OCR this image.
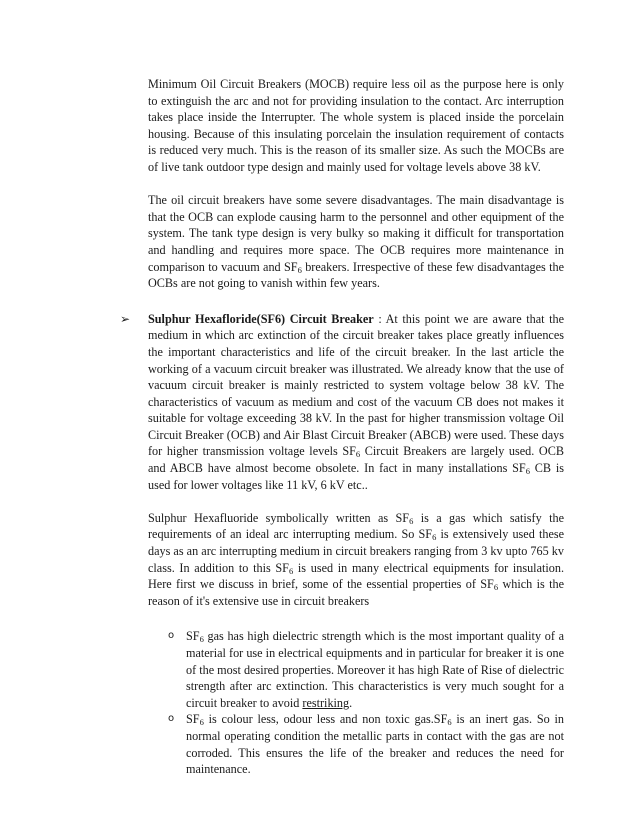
Minimum Oil Circuit Breakers (MOCB) require less oil as the purpose here is only to extinguish the arc and not for providing insulation to the contact. Arc interruption takes place inside the Interrupter. The whole system is placed inside the porcelain housing. Because of this insulating porcelain the insulation requirement of contacts is reduced very much. This is the reason of its smaller size. As such the MOCBs are of live tank outdoor type design and mainly used for voltage levels above 38 kV.

The oil circuit breakers have some severe disadvantages. The main disadvantage is that the OCB can explode causing harm to the personnel and other equipment of the system. The tank type design is very bulky so making it difficult for transportation and handling and requires more space. The OCB requires more maintenance in comparison to vacuum and $SF_6$ breakers. Irrespective of these few disadvantages the OCBs are not going to vanish within few years.

➢	Sulphur Hexafloride(SF6) Circuit Breaker : At this point we are aware that the medium in which arc extinction of the circuit breaker takes place greatly influences the important characteristics and life of the circuit breaker. In the last article the working of a vacuum circuit breaker was illustrated. We already know that the use of vacuum circuit breaker is mainly restricted to system voltage below 38 kV. The characteristics of vacuum as medium and cost of the vacuum CB does not makes it suitable for voltage exceeding 38 kV. In the past for higher transmission voltage Oil Circuit Breaker (OCB) and Air Blast Circuit Breaker (ABCB) were used. These days for higher transmission voltage levels $SF_6$ Circuit Breakers are largely used. OCB and ABCB have almost become obsolete. In fact in many installations $SF_6$ CB is used for lower voltages like 11 kV, 6 kV etc..

Sulphur Hexafluoride symbolically written as $SF_6$ is a gas which satisfy the requirements of an ideal arc interrupting medium. So $SF_6$ is extensively used these days as an arc interrupting medium in circuit breakers ranging from 3 kv upto 765 kv class. In addition to this $SF_6$ is used in many electrical equipments for insulation. Here first we discuss in brief, some of the essential properties of $SF_6$ which is the reason of it's extensive use in circuit breakers

o $SF_6$ gas has high dielectric strength which is the most important quality of a material for use in electrical equipments and in particular for breaker it is one of the most desired properties. Moreover it has high Rate of Rise of dielectric strength after arc extinction. This characteristics is very much sought for a circuit breaker to avoid restriking.

o $SF_6$ is colour less, odour less and non toxic $gas.SF_6$ is an inert gas. So in normal operating condition the metallic parts in contact with the gas are not corroded. This ensures the life of the breaker and reduces the need for maintenance.
